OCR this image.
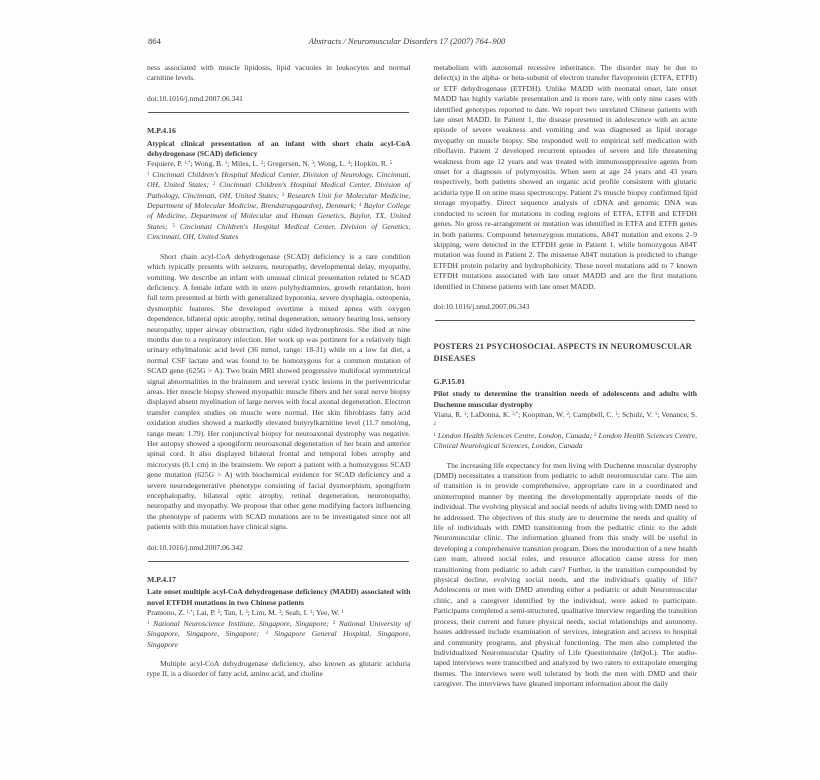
864	Abstracts / Neuromuscular Disorders 17 (2007) 764–900

ness associated with muscle lipidosis, lipid vacuoles in leukocytes and normal carnitine levels.

doi:10.1016/j.nmd.2007.06.341

M.P.4.16

Atypical clinical presentation of an infant with short chain acyl-CoA dehydrogenase (SCAD) deficiency

Fequiere, P. $^{1,*}$; Wong, B. $^1$; Miles, L. $^2$; Gregersen, N. $^3$; Wong, L. $^4$; Hopkin, R. $^5$

$^1$ Cincinnati Children's Hospital Medical Center, Division of Neurology, Cincinnati, OH, United States; $^2$ Cincinnati Children's Hospital Medical Center, Division of Pathology, Cincinnati, OH, United States; $^3$ Research Unit for Molecular Medicine, Department of Molecular Medicine, Brendstrupgaardvej, Denmark; $^4$ Baylor College of Medicine, Department of Molecular and Human Genetics, Baylor, TX, United States; $^5$ Cincinnati Children's Hospital Medical Center, Division of Genetics, Cincinnati, OH, United States

Short chain acyl-CoA dehydrogenase (SCAD) deficiency is a rare condition which typically presents with seizures, neuropathy, developmental delay, myopathy, vomiting. We describe an infant with unusual clinical presentation related to SCAD deficiency. A female infant with in utero polyhydramnios, growth retardation, born full term presented at birth with generalized hypotonia, severe dysphagia, osteopenia, dysmorphic features. She developed overtime a mixed apnea with oxygen dependence, bilateral optic atrophy, retinal degeneration, sensory hearing loss, sensory neuropathy, upper airway obstruction, right sided hydronephrosis. She died at nine months due to a respiratory infection. Her work up was pertinent for a relatively high urinary ethylmalonic acid level (36 mmol, range: 18-31) while on a low fat diet, a normal CSF lactate and was found to be homozygous for a common mutation of SCAD gene (625G > A). Two brain MRI showed progressive multifocal symmetrical signal abnormalities in the brainstem and several cystic lesions in the periventricular areas. Her muscle biopsy showed myopathic muscle fibers and her sural nerve biopsy displayed absent myelination of large nerves with focal axonal degeneration. Electron transfer complex studies on muscle were normal. Her skin fibroblasts fatty acid oxidation studies showed a markedly elevated butyrylkarnitine level (11.7 nmol/mg, range mean: 1.79). Her conjunctival biopsy for neuroaxonal dystrophy was negative. Her autopsy showed a spongiform neuroaxonal degeneration of her brain and anterior spinal cord. It also displayed bilateral frontal and temporal lobes atrophy and microcysts (0.1 cm) in the brainstem. We report a patient with a homozygous SCAD gene mutation (625G > A) with biochemical evidence for SCAD deficiency and a severe neurodegenerative phenotype consisting of facial dysmorphism, spongiform encephalopathy, bilateral optic atrophy, retinal degeneration, neuronopathy, neuropathy and myopathy. We propose that other gene modifying factors influencing the phenotype of patients with SCAD mutations are to be investigated since not all patients with this mutation have clinical signs.

doi:10.1016/j.nmd.2007.06.342

M.P.4.17

Late onset multiple acyl-CoA dehydrogenase deficiency (MADD) associated with novel ETFDH mutations in two Chinese patients

Pramono, Z. $^{1,*}$; Lai, P. $^2$; Tan, I. $^3$; Lim, M. $^3$; Seah, I. $^1$; Yee, W. $^1$

$^1$ National Neuroscience Institute, Singapore, Singapore; $^2$ National University of Singapore, Singapore, Singapore; $^3$ Singapore General Hospital, Singapore, Singapore

Multiple acyl-CoA dehydrogenase deficiency, also known as glutaric aciduria type II, is a disorder of fatty acid, amino acid, and choline

metabolism with autosomal recessive inheritance. The disorder may be due to defect(s) in the alpha- or beta-subunit of electron transfer flavoprotein (ETFA, ETFB) or ETF dehydrogenase (ETFDH). Unlike MADD with neonatal onset, late onset MADD has highly variable presentation and is more rare, with only nine cases with identified genotypes reported to date. We report two unrelated Chinese patients with late onset MADD. In Patient 1, the disease presented in adolescence with an acute episode of severe weakness and vomiting and was diagnosed as lipid storage myopathy on muscle biopsy. She responded well to empirical self medication with riboflavin. Patient 2 developed recurrent episodes of severe and life threatening weakness from age 12 years and was treated with immunosuppressive agents from onset for a diagnosis of polymyositis. When seen at age 24 years and 43 years respectively, both patients showed an organic acid profile consistent with glutaric aciduria type II on urine mass spectroscopy. Patient 2's muscle biopsy confirmed lipid storage myopathy. Direct sequence analysis of cDNA and genomic DNA was conducted to screen for mutations in coding regions of ETFA, ETFB and ETFDH genes. No gross re-arrangement or mutation was identified in ETFA and ETFB genes in both patients. Compound heterozygous mutations, A84T mutation and exons 2–9 skipping, were detected in the ETFDH gene in Patient 1, while homozygous A84T mutation was found in Patient 2. The missense A84T mutation is predicted to change ETFDH protein polarity and hydrophobicity. These novel mutations add to 7 known ETFDH mutations associated with late onset MADD and are the first mutations identified in Chinese patients with late onset MADD.

doi:10.1016/j.nmd.2007.06.343

POSTERS 21 PSYCHOSOCIAL ASPECTS IN NEUROMUSCULAR DISEASES

G.P.15.01

Pilot study to determine the transition needs of adolescents and adults with Duchenne muscular dystrophy

Viana, R. $^1$; LaDonna, K. $^{2,*}$; Koopman, W. $^2$; Campbell, C. $^1$; Schulz, V. $^1$; Venance, S. $^2$

$^1$ London Health Sciences Centre, London, Canada; $^2$ London Health Sciences Centre, Clinical Neurological Sciences, London, Canada

The increasing life expectancy for men living with Duchenne muscular dystrophy (DMD) necessitates a transition from pediatric to adult neuromuscular care. The aim of transition is to provide comprehensive, appropriate care in a coordinated and uninterrupted manner by meeting the developmentally appropriate needs of the individual. The evolving physical and social needs of adults living with DMD need to be addressed. The objectives of this study are to determine the needs and quality of life of individuals with DMD transitioning from the pediatric clinic to the adult Neuromuscular clinic. The information gleaned from this study will be useful in developing a comprehensive transition program. Does the introduction of a new health care team, altered social roles, and resource allocation cause stress for men transitioning from pediatric to adult care? Further, is the transition compounded by physical decline, evolving social needs, and the individual's quality of life? Adolescents or men with DMD attending either a pediatric or adult Neuromuscular clinic, and a caregiver identified by the individual, were asked to participate. Participants completed a semi-structured, qualitative interview regarding the transition process, their current and future physical needs, social relationships and autonomy. Issues addressed include examination of services, integration and access to hospital and community programs, and physical functioning. The men also completed the Individualized Neuromuscular Quality of Life Questionnaire (InQoL). The audio-taped interviews were transcribed and analyzed by two raters to extrapolate emerging themes. The interviews were well tolerated by both the men with DMD and their caregiver. The interviews have gleaned important information about the daily
